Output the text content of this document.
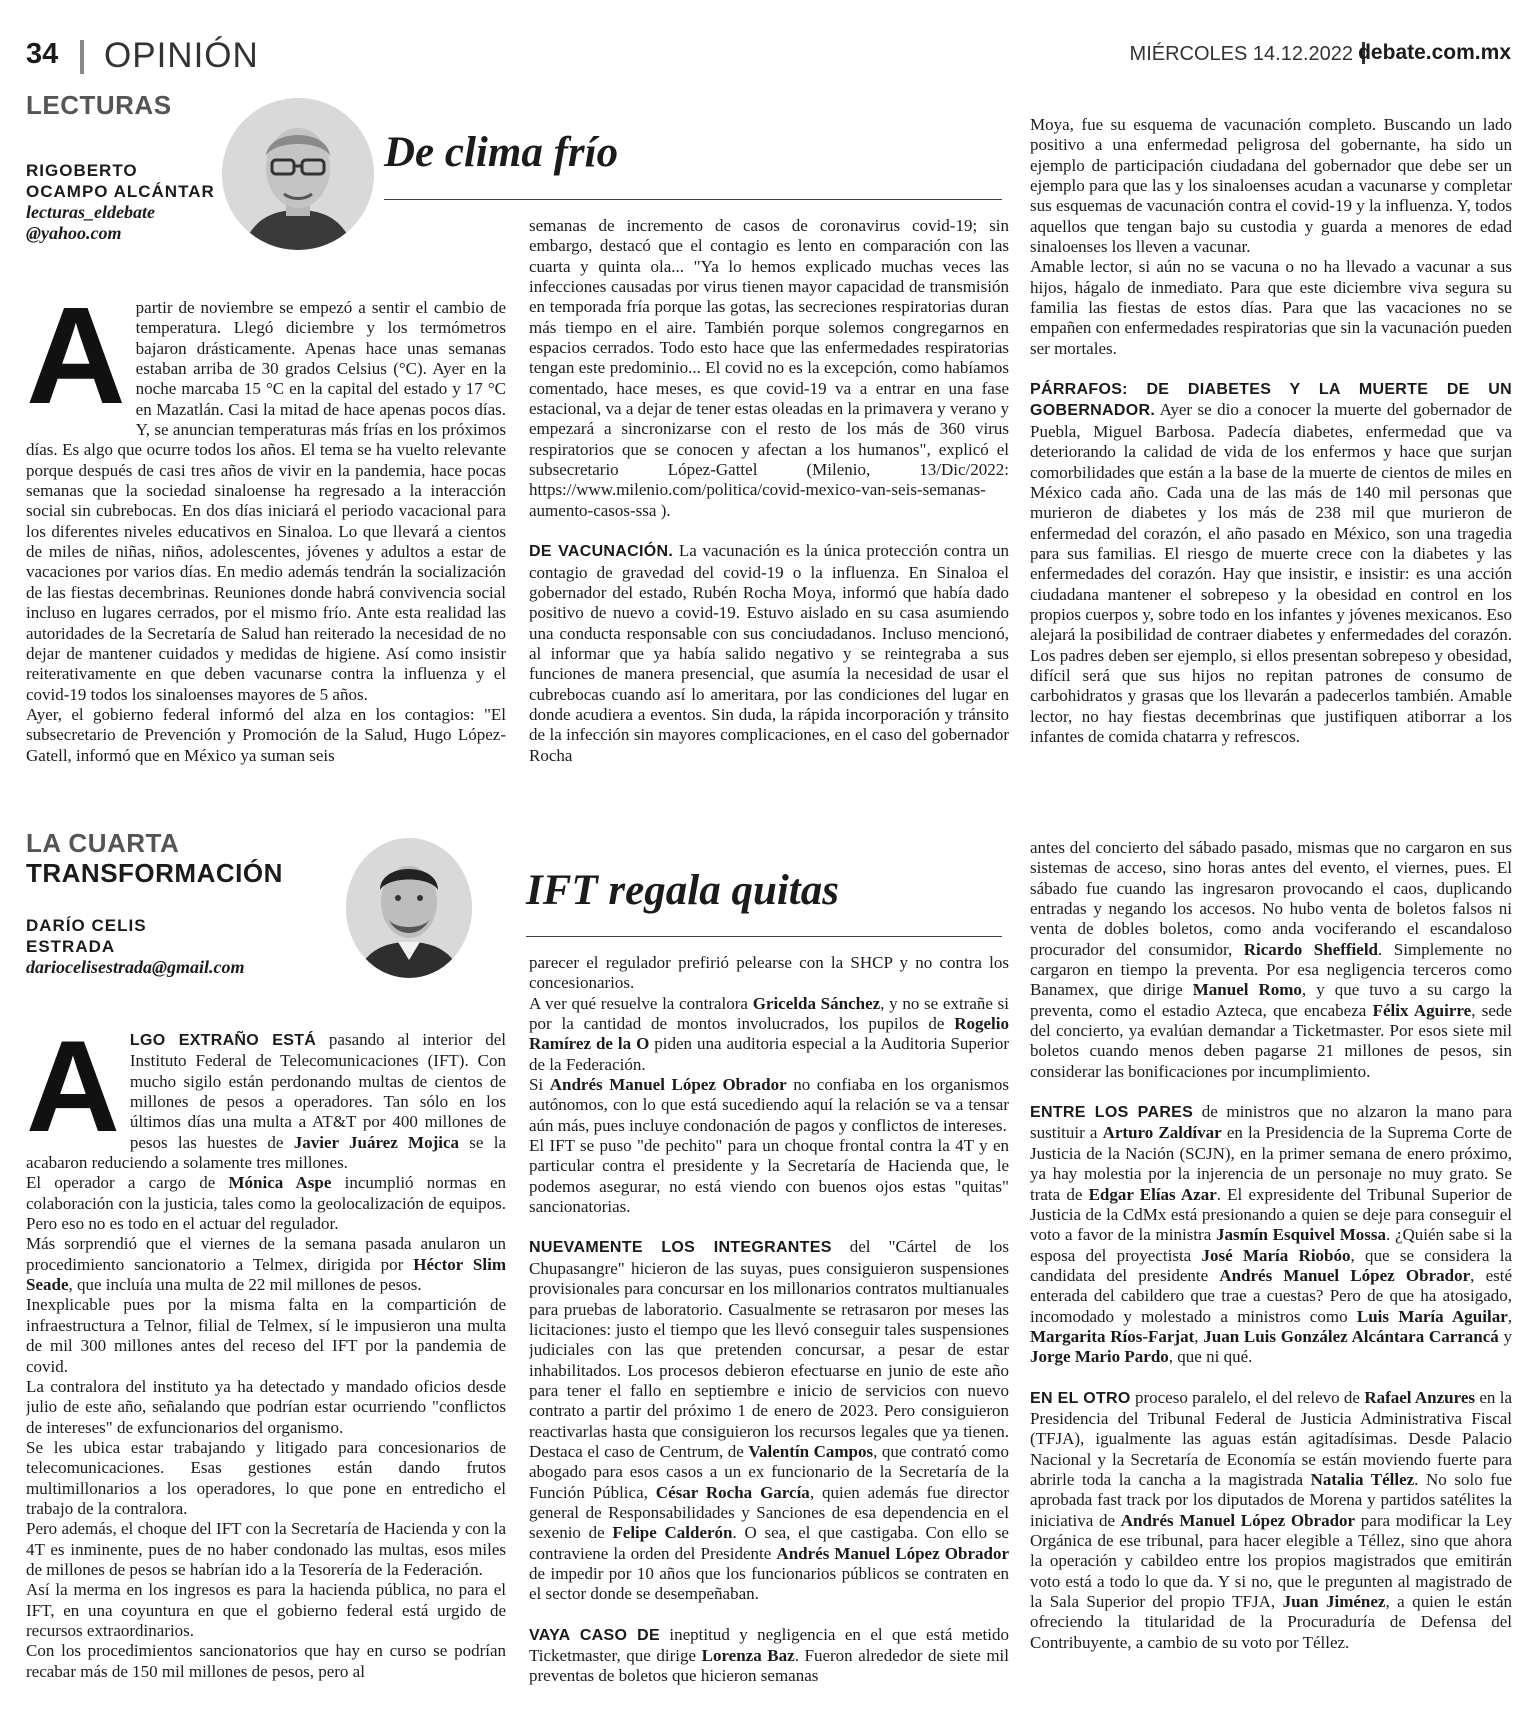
34 OPINIÓN	MIÉRCOLES 14.12.2022 debate.com.mx
LECTURAS
RIGOBERTO
OCAMPO ALCÁNTAR
lecturas_eldebate
@yahoo.com
De clima frío
A partir de noviembre se empezó a sentir el cambio de temperatura. Llegó diciembre y los termómetros bajaron drásticamente. Apenas hace unas semanas estaban arriba de 30 grados Celsius (°C). Ayer en la noche marcaba 15 °C en la capital del estado y 17 °C en Mazatlán. Casi la mitad de hace apenas pocos días. Y, se anuncian temperaturas más frías en los próximos días. Es algo que ocurre todos los años. El tema se ha vuelto relevante porque después de casi tres años de vivir en la pandemia, hace pocas semanas que la sociedad sinaloense ha regresado a la interacción social sin cubrebocas. En dos días iniciará el periodo vacacional para los diferentes niveles educativos en Sinaloa. Lo que llevará a cientos de miles de niñas, niños, adolescentes, jóvenes y adultos a estar de vacaciones por varios días. En medio además tendrán la socialización de las fiestas decembrinas. Reuniones donde habrá convivencia social incluso en lugares cerrados, por el mismo frío. Ante esta realidad las autoridades de la Secretaría de Salud han reiterado la necesidad de no dejar de mantener cuidados y medidas de higiene. Así como insistir reiterativamente en que deben vacunarse contra la influenza y el covid-19 todos los sinaloenses mayores de 5 años.

Ayer, el gobierno federal informó del alza en los contagios: "El subsecretario de Prevención y Promoción de la Salud, Hugo López-Gatell, informó que en México ya suman seis

semanas de incremento de casos de coronavirus covid-19; sin embargo, destacó que el contagio es lento en comparación con las cuarta y quinta ola... "Ya lo hemos explicado muchas veces las infecciones causadas por virus tienen mayor capacidad de transmisión en temporada fría porque las gotas, las secreciones respiratorias duran más tiempo en el aire. También porque solemos congregarnos en espacios cerrados. Todo esto hace que las enfermedades respiratorias tengan este predominio... El covid no es la excepción, como habíamos comentado, hace meses, es que covid-19 va a entrar en una fase estacional, va a dejar de tener estas oleadas en la primavera y verano y empezará a sincronizarse con el resto de los más de 360 virus respiratorios que se conocen y afectan a los humanos", explicó el subsecretario López-Gattel (Milenio, 13/Dic/2022: https://www.milenio.com/politica/covid-mexico-van-seis-semanas-aumento-casos-ssa ).

DE VACUNACIÓN. La vacunación es la única protección contra un contagio de gravedad del covid-19 o la influenza. En Sinaloa el gobernador del estado, Rubén Rocha Moya, informó que había dado positivo de nuevo a covid-19. Estuvo aislado en su casa asumiendo una conducta responsable con sus conciudadanos. Incluso mencionó, al informar que ya había salido negativo y se reintegraba a sus funciones de manera presencial, que asumía la necesidad de usar el cubrebocas cuando así lo ameritara, por las condiciones del lugar en donde acudiera a eventos. Sin duda, la rápida incorporación y tránsito de la infección sin mayores complicaciones, en el caso del gobernador Rocha

Moya, fue su esquema de vacunación completo. Buscando un lado positivo a una enfermedad peligrosa del gobernante, ha sido un ejemplo de participación ciudadana del gobernador que debe ser un ejemplo para que las y los sinaloenses acudan a vacunarse y completar sus esquemas de vacunación contra el covid-19 y la influenza. Y, todos aquellos que tengan bajo su custodia y guarda a menores de edad sinaloenses los lleven a vacunar.

Amable lector, si aún no se vacuna o no ha llevado a vacunar a sus hijos, hágalo de inmediato. Para que este diciembre viva segura su familia las fiestas de estos días. Para que las vacaciones no se empañen con enfermedades respiratorias que sin la vacunación pueden ser mortales.

PÁRRAFOS: DE DIABETES Y LA MUERTE DE UN GOBERNADOR. Ayer se dio a conocer la muerte del gobernador de Puebla, Miguel Barbosa. Padecía diabetes, enfermedad que va deteriorando la calidad de vida de los enfermos y hace que surjan comorbilidades que están a la base de la muerte de cientos de miles en México cada año. Cada una de las más de 140 mil personas que murieron de diabetes y los más de 238 mil que murieron de enfermedad del corazón, el año pasado en México, son una tragedia para sus familias. El riesgo de muerte crece con la diabetes y las enfermedades del corazón. Hay que insistir, e insistir: es una acción ciudadana mantener el sobrepeso y la obesidad en control en los propios cuerpos y, sobre todo en los infantes y jóvenes mexicanos. Eso alejará la posibilidad de contraer diabetes y enfermedades del corazón. Los padres deben ser ejemplo, si ellos presentan sobrepeso y obesidad, difícil será que sus hijos no repitan patrones de consumo de carbohidratos y grasas que los llevarán a padecerlos también. Amable lector, no hay fiestas decembrinas que justifiquen atiborrar a los infantes de comida chatarra y refrescos.

LA CUARTA
TRANSFORMACIÓN
DARÍO CELIS
ESTRADA
dariocelisestrada@gmail.com
IFT regala quitas
A LGO EXTRAÑO ESTÁ pasando al interior del Instituto Federal de Telecomunicaciones (IFT). Con mucho sigilo están perdonando multas de cientos de millones de pesos a operadores. Tan sólo en los últimos días una multa a AT&T por 400 millones de pesos las huestes de Javier Juárez Mojica se la acabaron reduciendo a solamente tres millones.

El operador a cargo de Mónica Aspe incumplió normas en colaboración con la justicia, tales como la geolocalización de equipos. Pero eso no es todo en el actuar del regulador.

Más sorprendió que el viernes de la semana pasada anularon un procedimiento sancionatorio a Telmex, dirigida por Héctor Slim Seade, que incluía una multa de 22 mil millones de pesos.

Inexplicable pues por la misma falta en la compartición de infraestructura a Telnor, filial de Telmex, sí le impusieron una multa de mil 300 millones antes del receso del IFT por la pandemia de covid.

La contralora del instituto ya ha detectado y mandado oficios desde julio de este año, señalando que podrían estar ocurriendo "conflictos de intereses" de exfuncionarios del organismo.

Se les ubica estar trabajando y litigado para concesionarios de telecomunicaciones. Esas gestiones están dando frutos multimillonarios a los operadores, lo que pone en entredicho el trabajo de la contralora.

Pero además, el choque del IFT con la Secretaría de Hacienda y con la 4T es inminente, pues de no haber condonado las multas, esos miles de millones de pesos se habrían ido a la Tesorería de la Federación.

Así la merma en los ingresos es para la hacienda pública, no para el IFT, en una coyuntura en que el gobierno federal está urgido de recursos extraordinarios.

Con los procedimientos sancionatorios que hay en curso se podrían recabar más de 150 mil millones de pesos, pero al

parecer el regulador prefirió pelearse con la SHCP y no contra los concesionarios.

A ver qué resuelve la contralora Gricelda Sánchez, y no se extrañe si por la cantidad de montos involucrados, los pupilos de Rogelio Ramírez de la O piden una auditoria especial a la Auditoria Superior de la Federación.

Si Andrés Manuel López Obrador no confiaba en los organismos autónomos, con lo que está sucediendo aquí la relación se va a tensar aún más, pues incluye condonación de pagos y conflictos de intereses.

El IFT se puso "de pechito" para un choque frontal contra la 4T y en particular contra el presidente y la Secretaría de Hacienda que, le podemos asegurar, no está viendo con buenos ojos estas "quitas" sancionatorias.

NUEVAMENTE LOS INTEGRANTES del "Cártel de los Chupasangre" hicieron de las suyas, pues consiguieron suspensiones provisionales para concursar en los millonarios contratos multianuales para pruebas de laboratorio. Casualmente se retrasaron por meses las licitaciones: justo el tiempo que les llevó conseguir tales suspensiones judiciales con las que pretenden concursar, a pesar de estar inhabilitados. Los procesos debieron efectuarse en junio de este año para tener el fallo en septiembre e inicio de servicios con nuevo contrato a partir del próximo 1 de enero de 2023. Pero consiguieron reactivarlas hasta que consiguieron los recursos legales que ya tienen. Destaca el caso de Centrum, de Valentín Campos, que contrató como abogado para esos casos a un ex funcionario de la Secretaría de la Función Pública, César Rocha García, quien además fue director general de Responsabilidades y Sanciones de esa dependencia en el sexenio de Felipe Calderón. O sea, el que castigaba. Con ello se contraviene la orden del Presidente Andrés Manuel López Obrador de impedir por 10 años que los funcionarios públicos se contraten en el sector donde se desempeñaban.

VAYA CASO DE ineptitud y negligencia en el que está metido Ticketmaster, que dirige Lorenza Baz. Fueron alrededor de siete mil preventas de boletos que hicieron semanas

antes del concierto del sábado pasado, mismas que no cargaron en sus sistemas de acceso, sino horas antes del evento, el viernes, pues. El sábado fue cuando las ingresaron provocando el caos, duplicando entradas y negando los accesos. No hubo venta de boletos falsos ni venta de dobles boletos, como anda vociferando el escandaloso procurador del consumidor, Ricardo Sheffield. Simplemente no cargaron en tiempo la preventa. Por esa negligencia terceros como Banamex, que dirige Manuel Romo, y que tuvo a su cargo la preventa, como el estadio Azteca, que encabeza Félix Aguirre, sede del concierto, ya evalúan demandar a Ticketmaster. Por esos siete mil boletos cuando menos deben pagarse 21 millones de pesos, sin considerar las bonificaciones por incumplimiento.

ENTRE LOS PARES de ministros que no alzaron la mano para sustituir a Arturo Zaldívar en la Presidencia de la Suprema Corte de Justicia de la Nación (SCJN), en la primer semana de enero próximo, ya hay molestia por la injerencia de un personaje no muy grato. Se trata de Edgar Elías Azar. El expresidente del Tribunal Superior de Justicia de la CdMx está presionando a quien se deje para conseguir el voto a favor de la ministra Jasmín Esquivel Mossa. ¿Quién sabe si la esposa del proyectista José María Riobóo, que se considera la candidata del presidente Andrés Manuel López Obrador, esté enterada del cabildero que trae a cuestas? Pero de que ha atosigado, incomodado y molestado a ministros como Luis María Aguilar, Margarita Ríos-Farjat, Juan Luis González Alcántara Carrancá y Jorge Mario Pardo, que ni qué.

EN EL OTRO proceso paralelo, el del relevo de Rafael Anzures en la Presidencia del Tribunal Federal de Justicia Administrativa Fiscal (TFJA), igualmente las aguas están agitadísimas. Desde Palacio Nacional y la Secretaría de Economía se están moviendo fuerte para abrirle toda la cancha a la magistrada Natalia Téllez. No solo fue aprobada fast track por los diputados de Morena y partidos satélites la iniciativa de Andrés Manuel López Obrador para modificar la Ley Orgánica de ese tribunal, para hacer elegible a Téllez, sino que ahora la operación y cabildeo entre los propios magistrados que emitirán voto está a todo lo que da. Y si no, que le pregunten al magistrado de la Sala Superior del propio TFJA, Juan Jiménez, a quien le están ofreciendo la titularidad de la Procuraduría de Defensa del Contribuyente, a cambio de su voto por Téllez.
